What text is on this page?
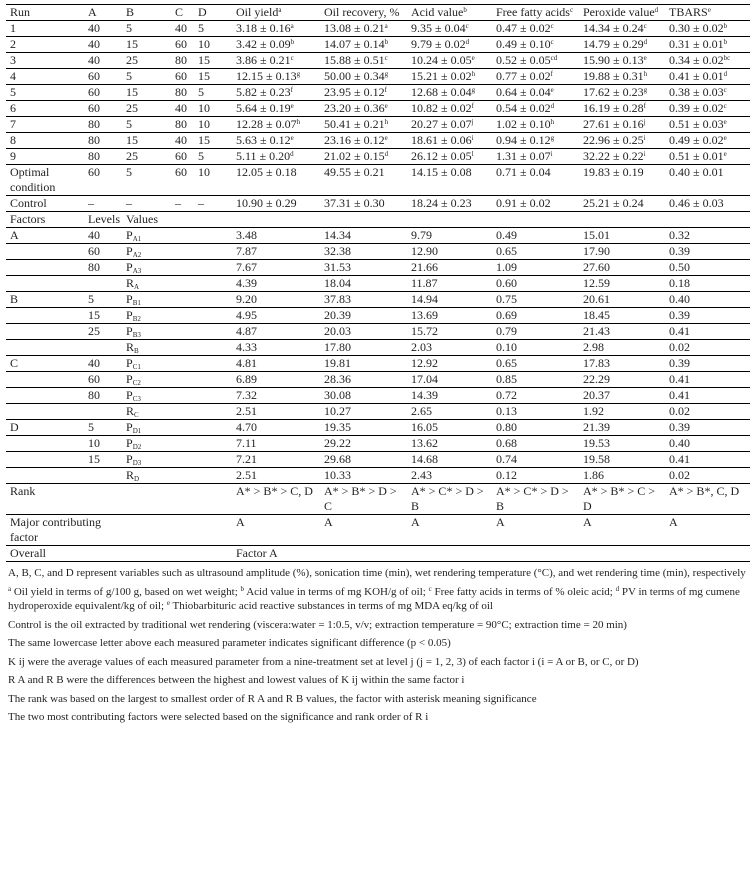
Run	A	B	C	D	Oil yield$^a$	Oil recovery, %	Acid value$^b$	Free fatty acids$^c$	Peroxide value$^d$	TBARS$^e$
1	40	5	40	5	3.18 ± 0.16$^a$	13.08 ± 0.21$^a$	9.35 ± 0.04$^c$	0.47 ± 0.02$^c$	14.34 ± 0.24$^c$	0.30 ± 0.02$^b$
2	40	15	60	10	3.42 ± 0.09$^b$	14.07 ± 0.14$^b$	9.79 ± 0.02$^d$	0.49 ± 0.10$^c$	14.79 ± 0.29$^d$	0.31 ± 0.01$^b$
3	40	25	80	15	3.86 ± 0.21$^c$	15.88 ± 0.51$^c$	10.24 ± 0.05$^e$	0.52 ± 0.05$^{cd}$	15.90 ± 0.13$^e$	0.34 ± 0.02$^{bc}$
4	60	5	60	15	12.15 ± 0.13$^g$	50.00 ± 0.34$^g$	15.21 ± 0.02$^h$	0.77 ± 0.02$^f$	19.88 ± 0.31$^h$	0.41 ± 0.01$^d$
5	60	15	80	5	5.82 ± 0.23$^f$	23.95 ± 0.12$^f$	12.68 ± 0.04$^g$	0.64 ± 0.04$^e$	17.62 ± 0.23$^g$	0.38 ± 0.03$^c$
6	60	25	40	10	5.64 ± 0.19$^e$	23.20 ± 0.36$^e$	10.82 ± 0.02$^f$	0.54 ± 0.02$^d$	16.19 ± 0.28$^f$	0.39 ± 0.02$^c$
7	80	5	80	10	12.28 ± 0.07$^h$	50.41 ± 0.21$^h$	$20.27 \pm 0.07^j$	1.02 ± 0.10$^h$	$27.61 \pm 0.16^j$	0.51 ± 0.03$^e$
8	80	15	40	15	5.63 ± 0.12$^e$	23.16 ± 0.12$^e$	$18.61 \pm 0.06^i$	0.94 ± 0.12$^g$	$22.96 \pm 0.25^i$	0.49 ± 0.02$^e$
9	80	25	60	5	5.11 ± 0.20$^d$	21.02 ± 0.15$^d$	$26.12 \pm 0.05^l$	$1.31 \pm 0.07^i$	$32.22 \pm 0.22^i$	0.51 ± 0.01$^e$
Optimal condition	60	5	60	10	12.05 ± 0.18	49.55 ± 0.21	14.15 ± 0.08	0.71 ± 0.04	19.83 ± 0.19	0.40 ± 0.01
Control	–	–	–	–	10.90 ± 0.29	37.31 ± 0.30	18.24 ± 0.23	0.91 ± 0.02	25.21 ± 0.24	0.46 ± 0.03
Factors	Levels	Values								
A	40	$P_{A1}$			3.48	14.34	9.79	0.49	15.01	0.32
	60	$P_{A2}$			7.87	32.38	12.90	0.65	17.90	0.39
	80	$P_{A3}$			7.67	31.53	21.66	1.09	27.60	0.50
		$R_A$			4.39	18.04	11.87	0.60	12.59	0.18
B	5	$P_{B1}$			9.20	37.83	14.94	0.75	20.61	0.40
	15	$P_{B2}$			4.95	20.39	13.69	0.69	18.45	0.39
	25	$P_{B3}$			4.87	20.03	15.72	0.79	21.43	0.41
		$R_B$			4.33	17.80	2.03	0.10	2.98	0.02
C	40	$P_{C1}$			4.81	19.81	12.92	0.65	17.83	0.39
	60	$P_{C2}$			6.89	28.36	17.04	0.85	22.29	0.41
	80	$P_{C3}$			7.32	30.08	14.39	0.72	20.37	0.41
		$R_C$			2.51	10.27	2.65	0.13	1.92	0.02
D	5	$P_{D1}$			4.70	19.35	16.05	0.80	21.39	0.39
	10	$P_{D2}$			7.11	29.22	13.62	0.68	19.53	0.40
	15	$P_{D3}$			7.21	29.68	14.68	0.74	19.58	0.41
		$R_D$			2.51	10.33	2.43	0.12	1.86	0.02
Rank					A* > B* > C, D	A* > B* > D > C	A* > C* > D > B	A* > C* > D > B	A* > B* > C > D	A* > B*, C, D
Major contributing factor					A	A	A	A	A	A
Overall					Factor A					

A, B, C, and D represent variables such as ultrasound amplitude (%), sonication time (min), wet rendering temperature (°C), and wet rendering time (min), respectively

$^a$ Oil yield in terms of g/100 g, based on wet weight; $^b$ Acid value in terms of mg KOH/g of oil; $^c$ Free fatty acids in terms of % oleic acid; $^d$ PV in terms of mg cumene hydroperoxide equivalent/kg of oil; $^e$ Thiobarbituric acid reactive substances in terms of mg MDA eq/kg of oil

Control is the oil extracted by traditional wet rendering (viscera:water = 1:0.5, v/v; extraction temperature = 90°C; extraction time = 20 min)

The same lowercase letter above each measured parameter indicates significant difference (p < 0.05)

K ij were the average values of each measured parameter from a nine-treatment set at level j (j = 1, 2, 3) of each factor i (i = A or B, or C, or D)

R A and R B were the differences between the highest and lowest values of K ij within the same factor i

The rank was based on the largest to smallest order of R A and R B values, the factor with asterisk meaning significance

The two most contributing factors were selected based on the significance and rank order of R i
